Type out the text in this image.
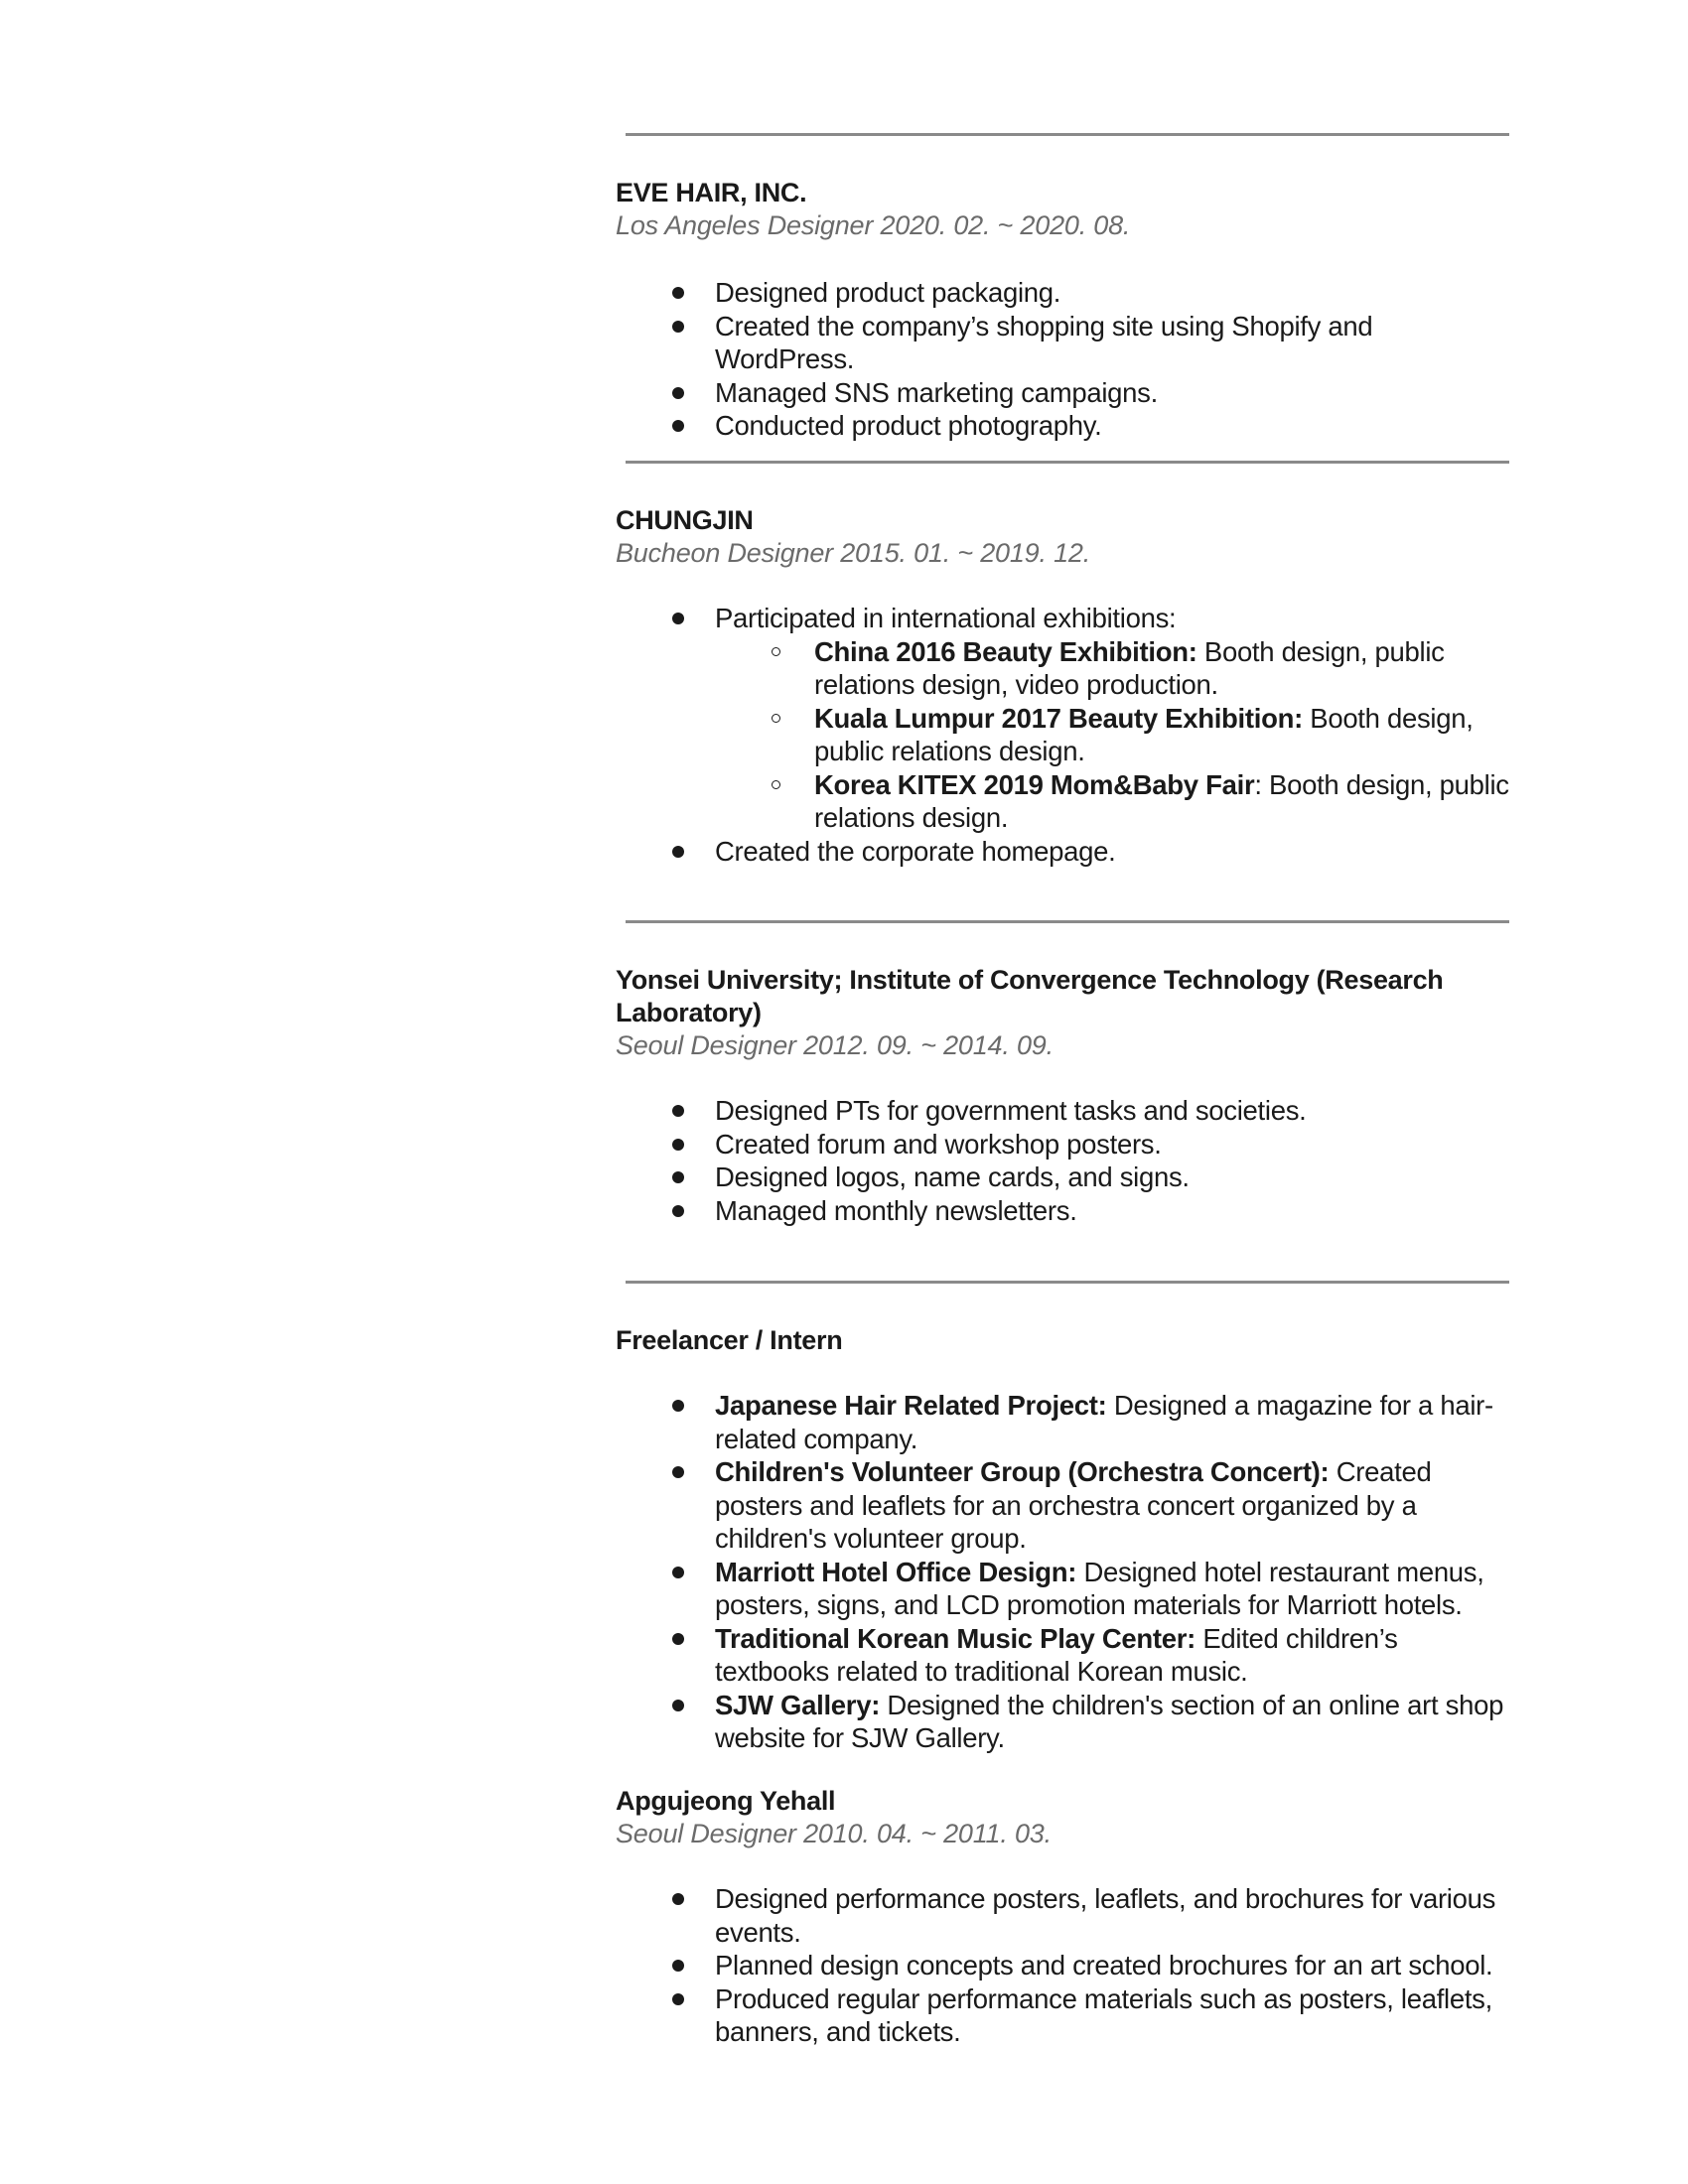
EVE HAIR, INC.

Los Angeles Designer 2020. 02. ~ 2020. 08.

Designed product packaging.
Created the company’s shopping site using Shopify and WordPress.
Managed SNS marketing campaigns.
Conducted product photography.

CHUNGJIN

Bucheon Designer 2015. 01. ~ 2019. 12.

Participated in international exhibitions:
China 2016 Beauty Exhibition: Booth design, public relations design, video production.
Kuala Lumpur 2017 Beauty Exhibition: Booth design, public relations design.
Korea KITEX 2019 Mom&Baby Fair: Booth design, public relations design.
Created the corporate homepage.

Yonsei University; Institute of Convergence Technology (Research Laboratory)

Seoul Designer 2012. 09. ~ 2014. 09.

Designed PTs for government tasks and societies.
Created forum and workshop posters.
Designed logos, name cards, and signs.
Managed monthly newsletters.

Freelancer / Intern

Japanese Hair Related Project: Designed a magazine for a hair-related company.
Children's Volunteer Group (Orchestra Concert): Created posters and leaflets for an orchestra concert organized by a children's volunteer group.
Marriott Hotel Office Design: Designed hotel restaurant menus, posters, signs, and LCD promotion materials for Marriott hotels.
Traditional Korean Music Play Center: Edited children’s textbooks related to traditional Korean music.
SJW Gallery: Designed the children's section of an online art shop website for SJW Gallery.

Apgujeong Yehall

Seoul Designer 2010. 04. ~ 2011. 03.

Designed performance posters, leaflets, and brochures for various events.
Planned design concepts and created brochures for an art school.
Produced regular performance materials such as posters, leaflets, banners, and tickets.
